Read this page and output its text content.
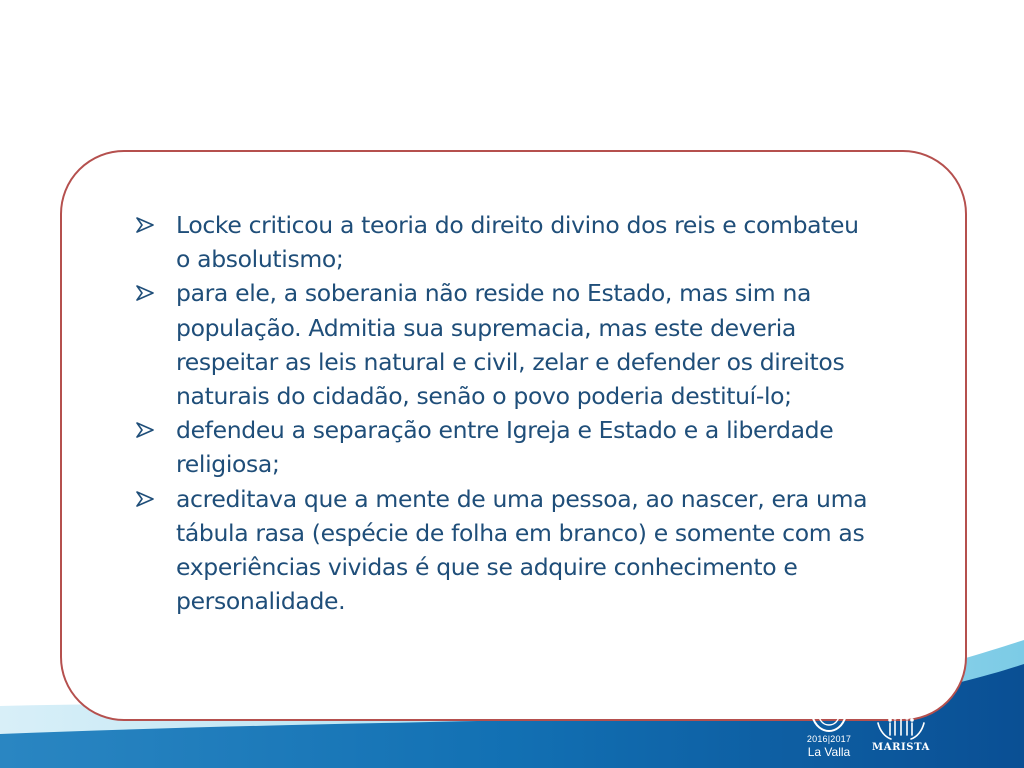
Locke criticou a teoria do direito divino dos reis e combateu o absolutismo;
para ele, a soberania não reside no Estado, mas sim na população. Admitia sua supremacia, mas este deveria respeitar as leis natural e civil, zelar e defender os direitos naturais do cidadão, senão o povo poderia destituí-lo;
defendeu a separação entre Igreja e Estado e a liberdade religiosa;
acreditava que a mente de uma pessoa, ao nascer, era uma tábula rasa (espécie de folha em branco) e somente com as experiências vividas é que se adquire conhecimento e personalidade.
2016|2017
La Valla	MARISTA
